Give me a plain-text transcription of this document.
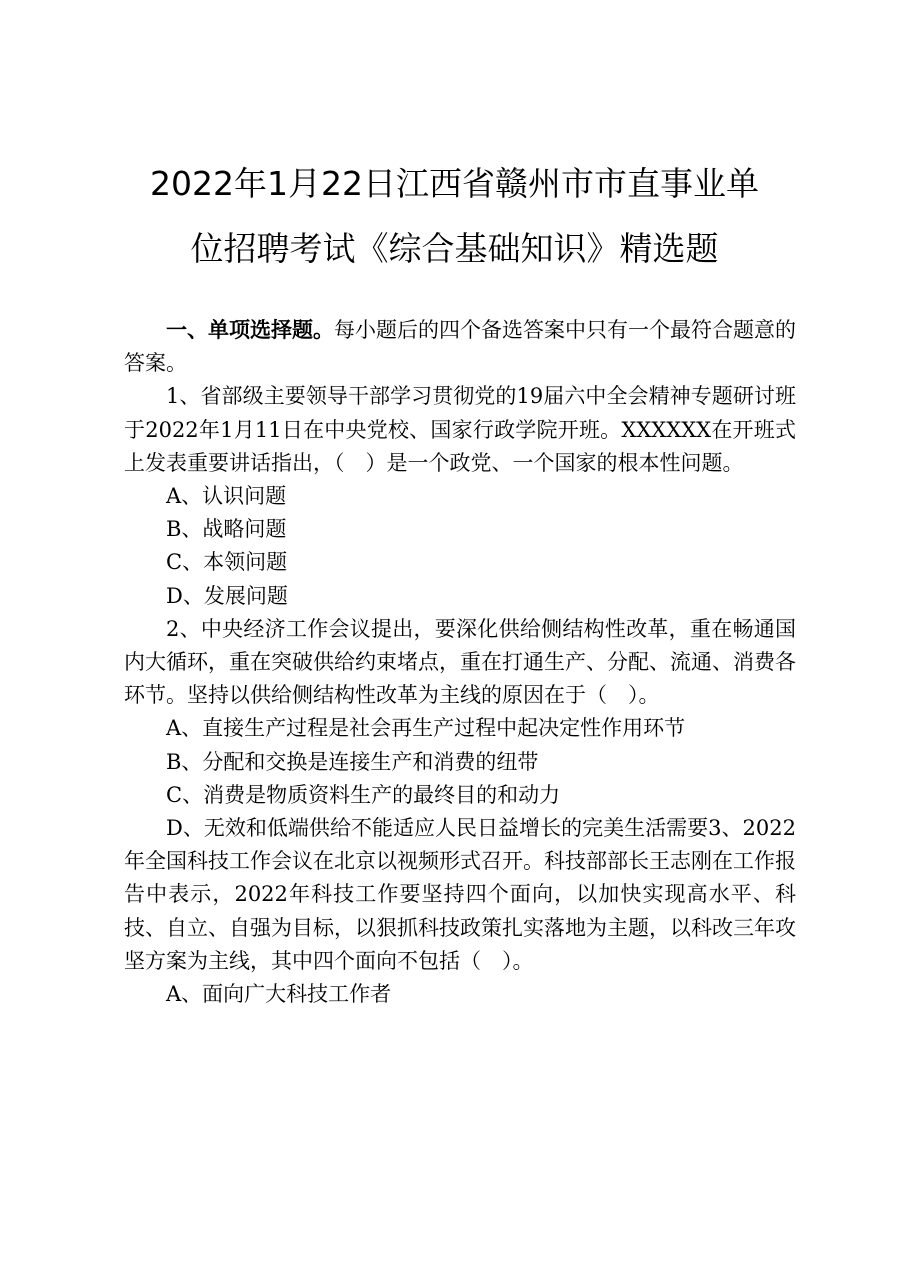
2022年1月22日江西省赣州市市直事业单
位招聘考试《综合基础知识》精选题

一、单项选择题。每小题后的四个备选答案中只有一个最符合题意的答案。

1、省部级主要领导干部学习贯彻党的19届六中全会精神专题研讨班于2022年1月11日在中央党校、国家行政学院开班。XXXXXX在开班式上发表重要讲话指出，（　）是一个政党、一个国家的根本性问题。

A、认识问题

B、战略问题

C、本领问题

D、发展问题

2、中央经济工作会议提出，要深化供给侧结构性改革，重在畅通国内大循环，重在突破供给约束堵点，重在打通生产、分配、流通、消费各环节。坚持以供给侧结构性改革为主线的原因在于（　）。

A、直接生产过程是社会再生产过程中起决定性作用环节

B、分配和交换是连接生产和消费的纽带

C、消费是物质资料生产的最终目的和动力

D、无效和低端供给不能适应人民日益增长的完美生活需要3、2022年全国科技工作会议在北京以视频形式召开。科技部部长王志刚在工作报告中表示，2022年科技工作要坚持四个面向，以加快实现高水平、科技、自立、自强为目标，以狠抓科技政策扎实落地为主题，以科改三年攻坚方案为主线，其中四个面向不包括（　）。

A、面向广大科技工作者
